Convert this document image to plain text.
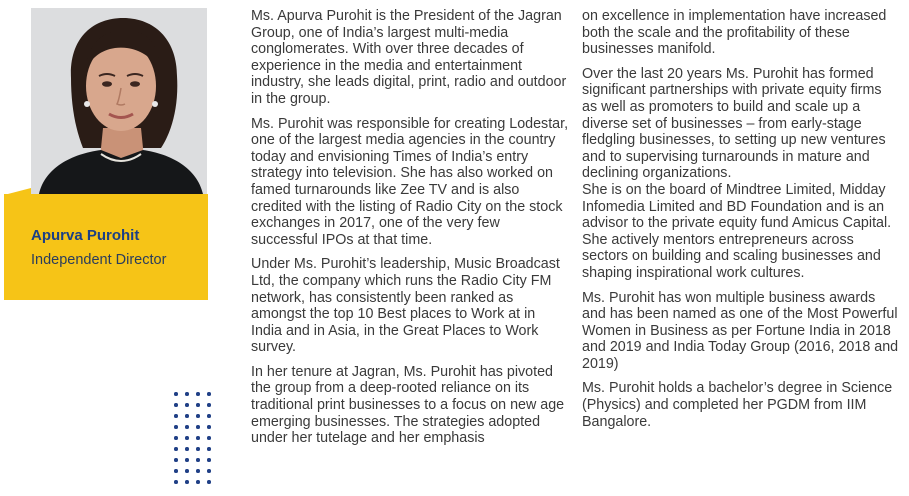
Apurva Purohit
Independent Director

Ms. Apurva Purohit is the President of the Jagran Group, one of India’s largest multi-media conglomerates. With over three decades of experience in the media and entertainment industry, she leads digital, print, radio and outdoor in the group.

Ms. Purohit was responsible for creating Lodestar, one of the largest media agencies in the country today and envisioning Times of India’s entry strategy into television. She has also worked on famed turnarounds like Zee TV and is also credited with the listing of Radio City on the stock exchanges in 2017, one of the very few successful IPOs at that time.

Under Ms. Purohit’s leadership, Music Broadcast Ltd, the company which runs the Radio City FM network, has consistently been ranked as amongst the top 10 Best places to Work at in India and in Asia, in the Great Places to Work survey.

In her tenure at Jagran, Ms. Purohit has pivoted the group from a deep-rooted reliance on its traditional print businesses to a focus on new age emerging businesses. The strategies adopted under her tutelage and her emphasis

on excellence in implementation have increased both the scale and the profitability of these businesses manifold.

Over the last 20 years Ms. Purohit has formed significant partnerships with private equity firms as well as promoters to build and scale up a diverse set of businesses – from early-stage fledgling businesses, to setting up new ventures and to supervising turnarounds in mature and declining organizations.

She is on the board of Mindtree Limited, Midday Infomedia Limited and BD Foundation and is an advisor to the private equity fund Amicus Capital. She actively mentors entrepreneurs across sectors on building and scaling businesses and shaping inspirational work cultures.

Ms. Purohit has won multiple business awards and has been named as one of the Most Powerful Women in Business as per Fortune India in 2018 and 2019 and India Today Group (2016, 2018 and 2019)

Ms. Purohit holds a bachelor’s degree in Science (Physics) and completed her PGDM from IIM Bangalore.
